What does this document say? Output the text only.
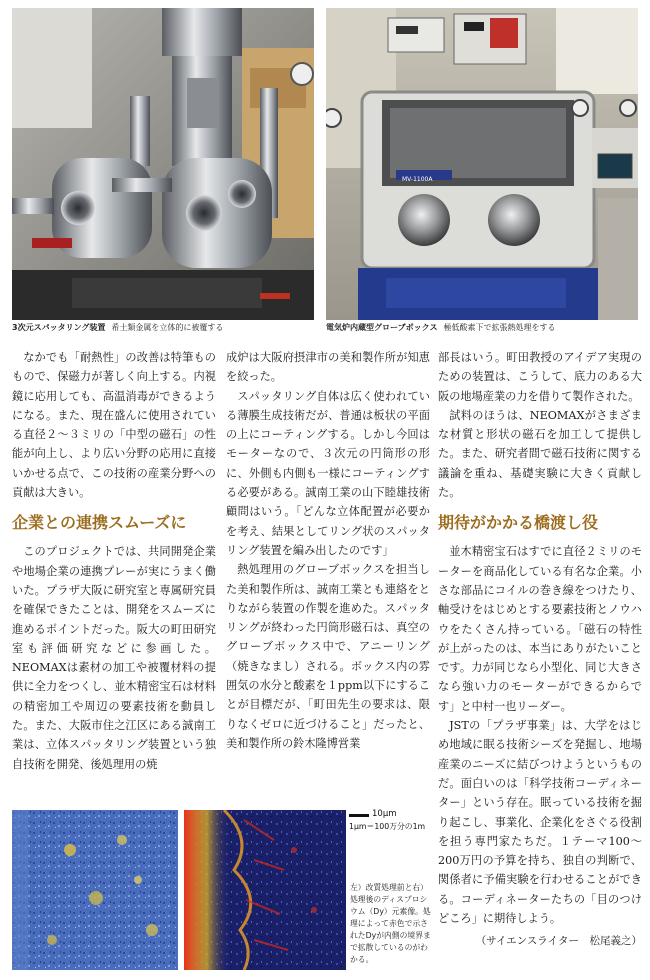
3次元スパッタリング装置 希土類金属を立体的に被覆する
MV-1100A
電気炉内蔵型グローブボックス 極低酸素下で拡張熱処理をする

なかでも「耐熱性」の改善は特筆ものもので、保磁力が著しく向上する。内視鏡に応用しても、高温消毒ができるようになる。また、現在盛んに使用されている直径２～３ミリの「中型の磁石」の性能が向上し、より広い分野の応用に直接いかせる点で、この技術の産業分野への貢献は大きい。

企業との連携スムーズに

このプロジェクトでは、共同開発企業や地場企業の連携プレーが実にうまく働いた。プラザ大阪に研究室と専属研究員を確保できたことは、開発をスムーズに進めるポイントだった。阪大の町田研究室も評価研究などに参画した。NEOMAXは素材の加工や被覆材料の提供に全力をつくし、並木精密宝石は材料の精密加工や周辺の要素技術を動員した。また、大阪市住之江区にある誠南工業は、立体スパッタリング装置という独自技術を開発、後処理用の焼

成炉は大阪府摂津市の美和製作所が知恵を絞った。

スパッタリング自体は広く使われている薄膜生成技術だが、普通は板状の平面の上にコーティングする。しかし今回はモーターなので、３次元の円筒形の形に、外側も内側も一様にコーティングする必要がある。誠南工業の山下睦雄技術顧問はいう。「どんな立体配置が必要かを考え、結果としてリング状のスパッタリング装置を編み出したのです」

熱処理用のグローブボックスを担当した美和製作所は、誠南工業とも連絡をとりながら装置の作製を進めた。スパッタリングが終わった円筒形磁石は、真空のグローブボックス中で、アニーリング（焼きなまし）される。ボックス内の雰囲気の水分と酸素を１ppm以下にすることが目標だが、「町田先生の要求は、限りなくゼロに近づけること」だったと、美和製作所の鈴木隆博営業

部長はいう。町田教授のアイデア実現のための装置は、こうして、底力のある大阪の地場産業の力を借りて製作された。

試料のほうは、NEOMAXがさまざまな材質と形状の磁石を加工して提供した。また、研究者間で磁石技術に関する議論を重ね、基礎実験に大きく貢献した。

期待がかかる橋渡し役

並木精密宝石はすでに直径２ミリのモーターを商品化している有名な企業。小さな部品にコイルの巻き線をつけたり、軸受けをはじめとする要素技術とノウハウをたくさん持っている。「磁石の特性が上がったのは、本当にありがたいことです。力が同じなら小型化、同じ大きさなら強い力のモーターができるからです」と中村一也リーダー。

JSTの「プラザ事業」は、大学をはじめ地域に眠る技術シーズを発掘し、地場産業のニーズに結びつけようというものだ。面白いのは「科学技術コーディネーター」という存在。眠っている技術を掘り起こし、事業化、企業化をさぐる役割を担う専門家たちだ。１テーマ100～200万円の予算を持ち、独自の判断で、関係者に予備実験を行わせることができる。コーディネーターたちの「目のつけどころ」に期待しよう。

（サイエンスライター　松尾義之）
10μm
1μm＝100万分の1m
左）改質処理前と右）処理後のディスプロシウム（Dy）元素像。処理によって赤色で示されたDyが内側の境界まで拡散しているのがわかる。
